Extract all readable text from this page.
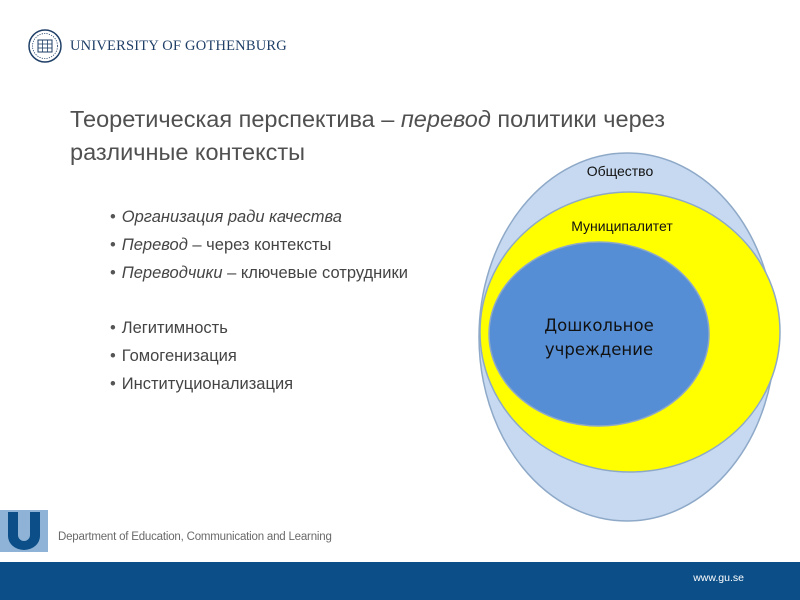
UNIVERSITY OF GOTHENBURG
Теоретическая перспектива – перевод политики через различные контексты
• Организация ради качества
• Перевод – через контексты
• Переводчики – ключевые сотрудники
• Легитимность
• Гомогенизация
• Институционализация
Общество
Муниципалитет
Дошкольное
учреждение
Department of Education, Communication and Learning
www.gu.se
